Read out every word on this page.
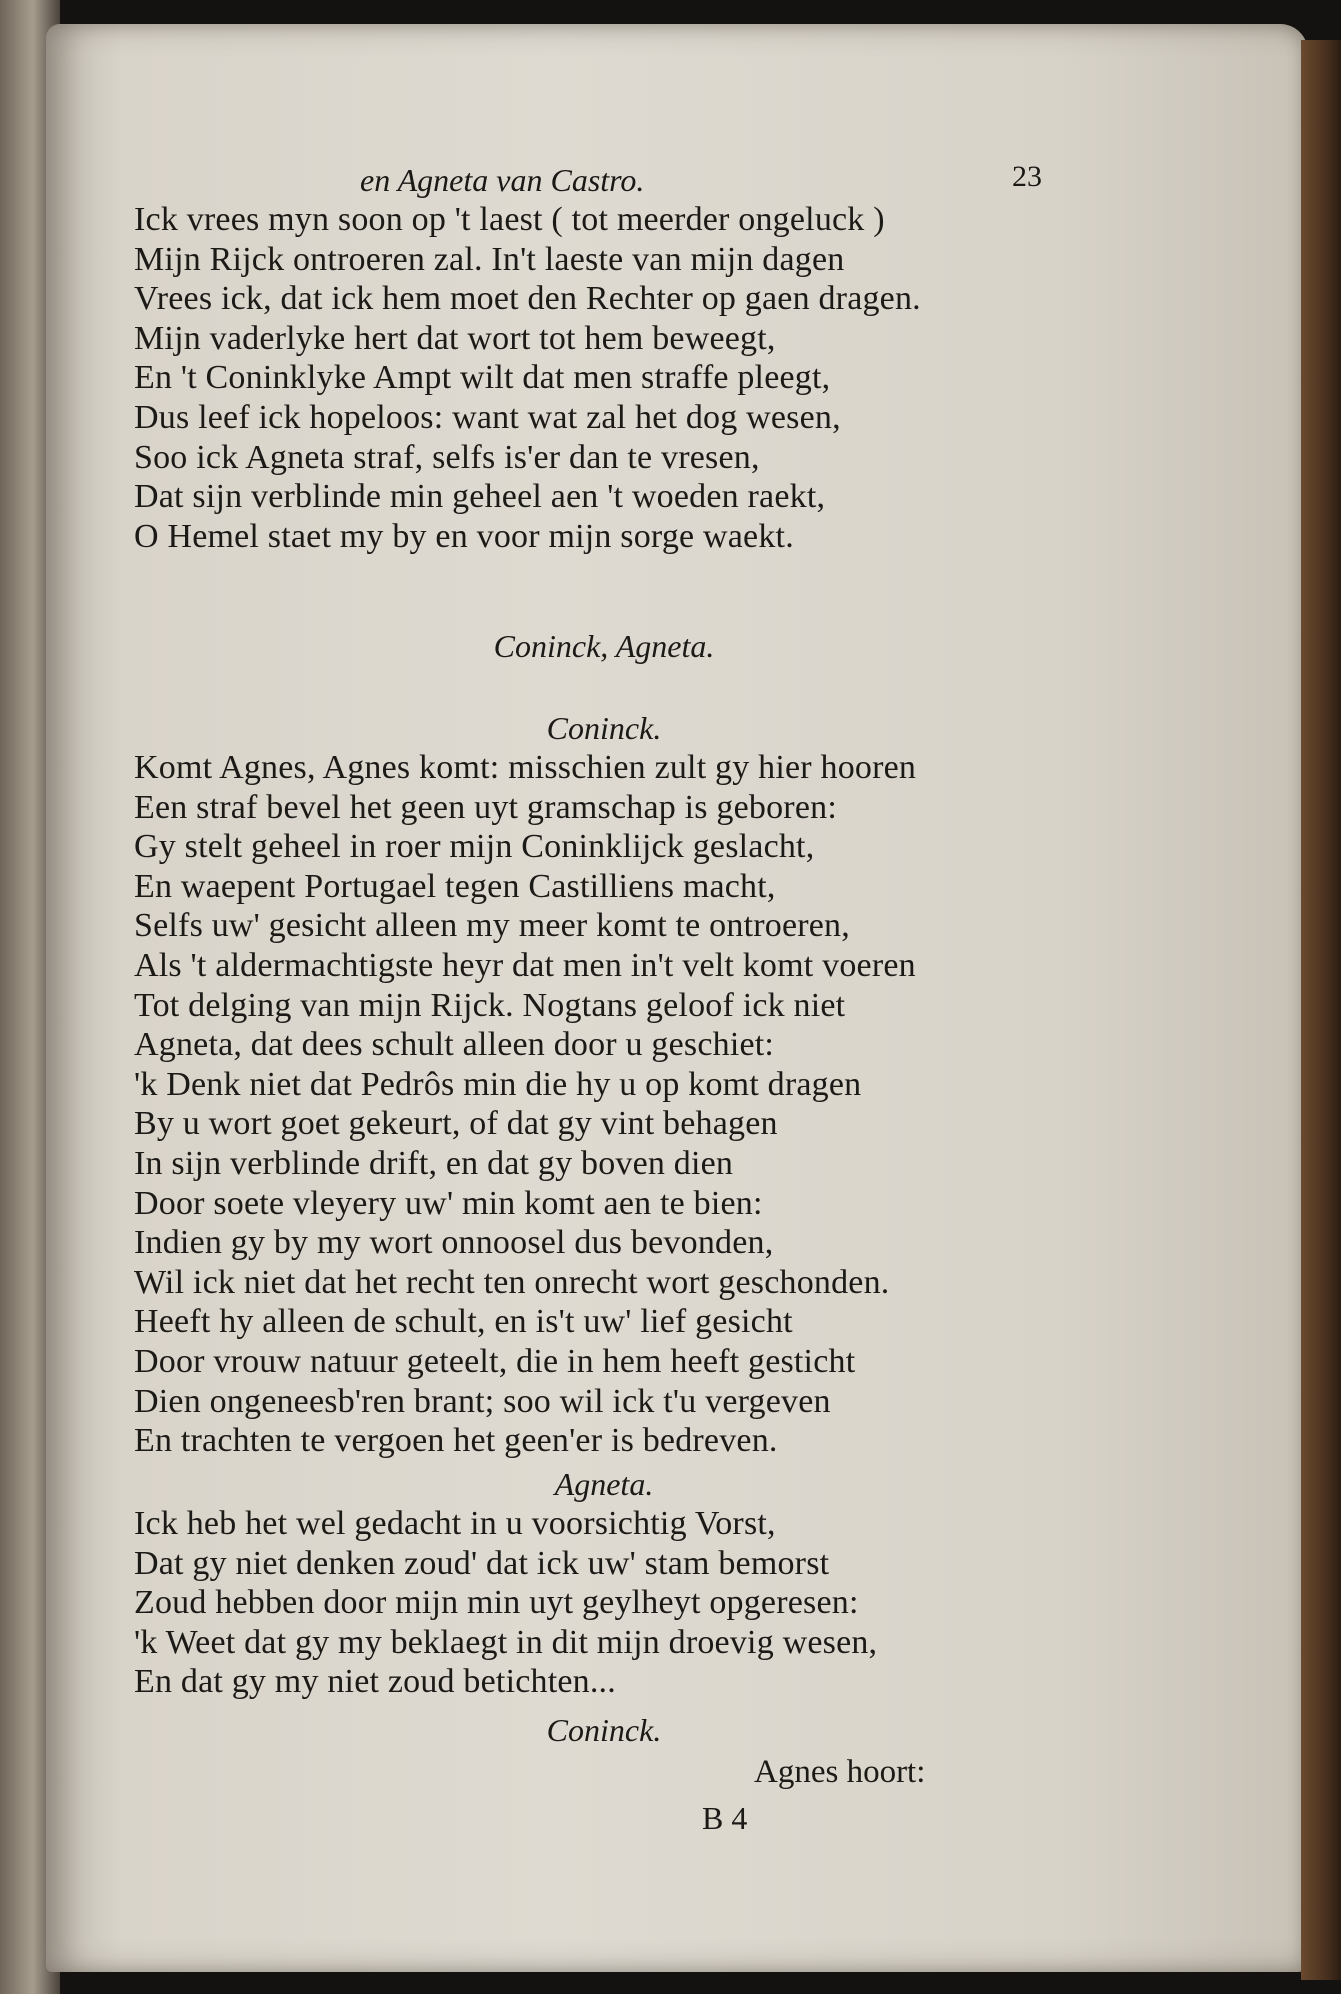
en Agneta van Castro.	23
Ick vrees myn soon op 't laest ( tot meerder ongeluck )
Mijn Rijck ontroeren zal. In't laeste van mijn dagen
Vrees ick, dat ick hem moet den Rechter op gaen dragen.
Mijn vaderlyke hert dat wort tot hem beweegt,
En 't Coninklyke Ampt wilt dat men straffe pleegt,
Dus leef ick hopeloos: want wat zal het dog wesen,
Soo ick Agneta straf, selfs is'er dan te vresen,
Dat sijn verblinde min geheel aen 't woeden raekt,
O Hemel staet my by en voor mijn sorge waekt.
Coninck, Agneta.
Coninck.
Komt Agnes, Agnes komt: misschien zult gy hier hooren
Een straf bevel het geen uyt gramschap is geboren:
Gy stelt geheel in roer mijn Coninklijck geslacht,
En waepent Portugael tegen Castilliens macht,
Selfs uw' gesicht alleen my meer komt te ontroeren,
Als 't aldermachtigste heyr dat men in't velt komt voeren
Tot delging van mijn Rijck. Nogtans geloof ick niet
Agneta, dat dees schult alleen door u geschiet:
'k Denk niet dat Pedrôs min die hy u op komt dragen
By u wort goet gekeurt, of dat gy vint behagen
In sijn verblinde drift, en dat gy boven dien
Door soete vleyery uw' min komt aen te bien:
Indien gy by my wort onnoosel dus bevonden,
Wil ick niet dat het recht ten onrecht wort geschonden.
Heeft hy alleen de schult, en is't uw' lief gesicht
Door vrouw natuur geteelt, die in hem heeft gesticht
Dien ongeneesb'ren brant; soo wil ick t'u vergeven
En trachten te vergoen het geen'er is bedreven.
Agneta.
Ick heb het wel gedacht in u voorsichtig Vorst,
Dat gy niet denken zoud' dat ick uw' stam bemorst
Zoud hebben door mijn min uyt geylheyt opgeresen:
'k Weet dat gy my beklaegt in dit mijn droevig wesen,
En dat gy my niet zoud betichten...
Coninck.
Agnes hoort:
B 4
